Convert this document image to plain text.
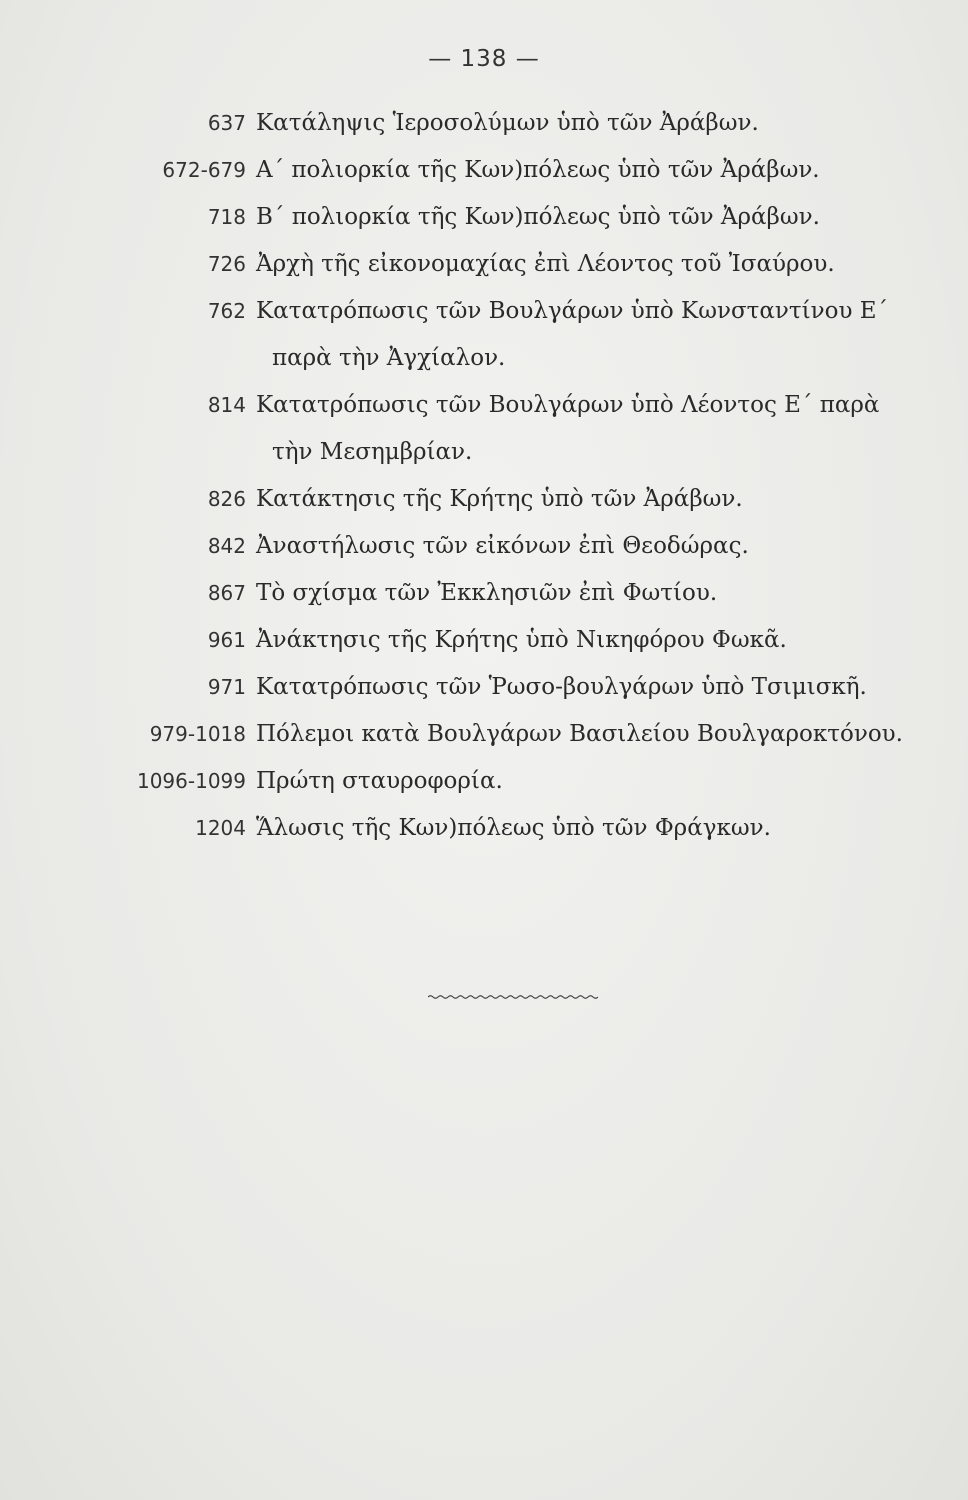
— 138 —
637 Κατάληψις Ἱεροσολύμων ὑπὸ τῶν Ἀράβων.
672-679 Α΄ πολιορκία τῆς Κων)πόλεως ὑπὸ τῶν Ἀράβων.
718 Β΄ πολιορκία τῆς Κων)πόλεως ὑπὸ τῶν Ἀράβων.
726 Ἀρχὴ τῆς εἰκονομαχίας ἐπὶ Λέοντος τοῦ Ἰσαύρου.
762 Κατατρόπωσις τῶν Βουλγάρων ὑπὸ Κωνσταντίνου Ε΄
παρὰ τὴν Ἀγχίαλον.
814 Κατατρόπωσις τῶν Βουλγάρων ὑπὸ Λέοντος Ε΄ παρὰ
τὴν Μεσημβρίαν.
826 Κατάκτησις τῆς Κρήτης ὑπὸ τῶν Ἀράβων.
842 Ἀναστήλωσις τῶν εἰκόνων ἐπὶ Θεοδώρας.
867 Τὸ σχίσμα τῶν Ἐκκλησιῶν ἐπὶ Φωτίου.
961 Ἀνάκτησις τῆς Κρήτης ὑπὸ Νικηφόρου Φωκᾶ.
971 Κατατρόπωσις τῶν Ῥωσο-βουλγάρων ὑπὸ Τσιμισκῆ.
979-1018 Πόλεμοι κατὰ Βουλγάρων Βασιλείου Βουλγαροκτόνου.
1096-1099 Πρώτη σταυροφορία.
1204 Ἅλωσις τῆς Κων)πόλεως ὑπὸ τῶν Φράγκων.
